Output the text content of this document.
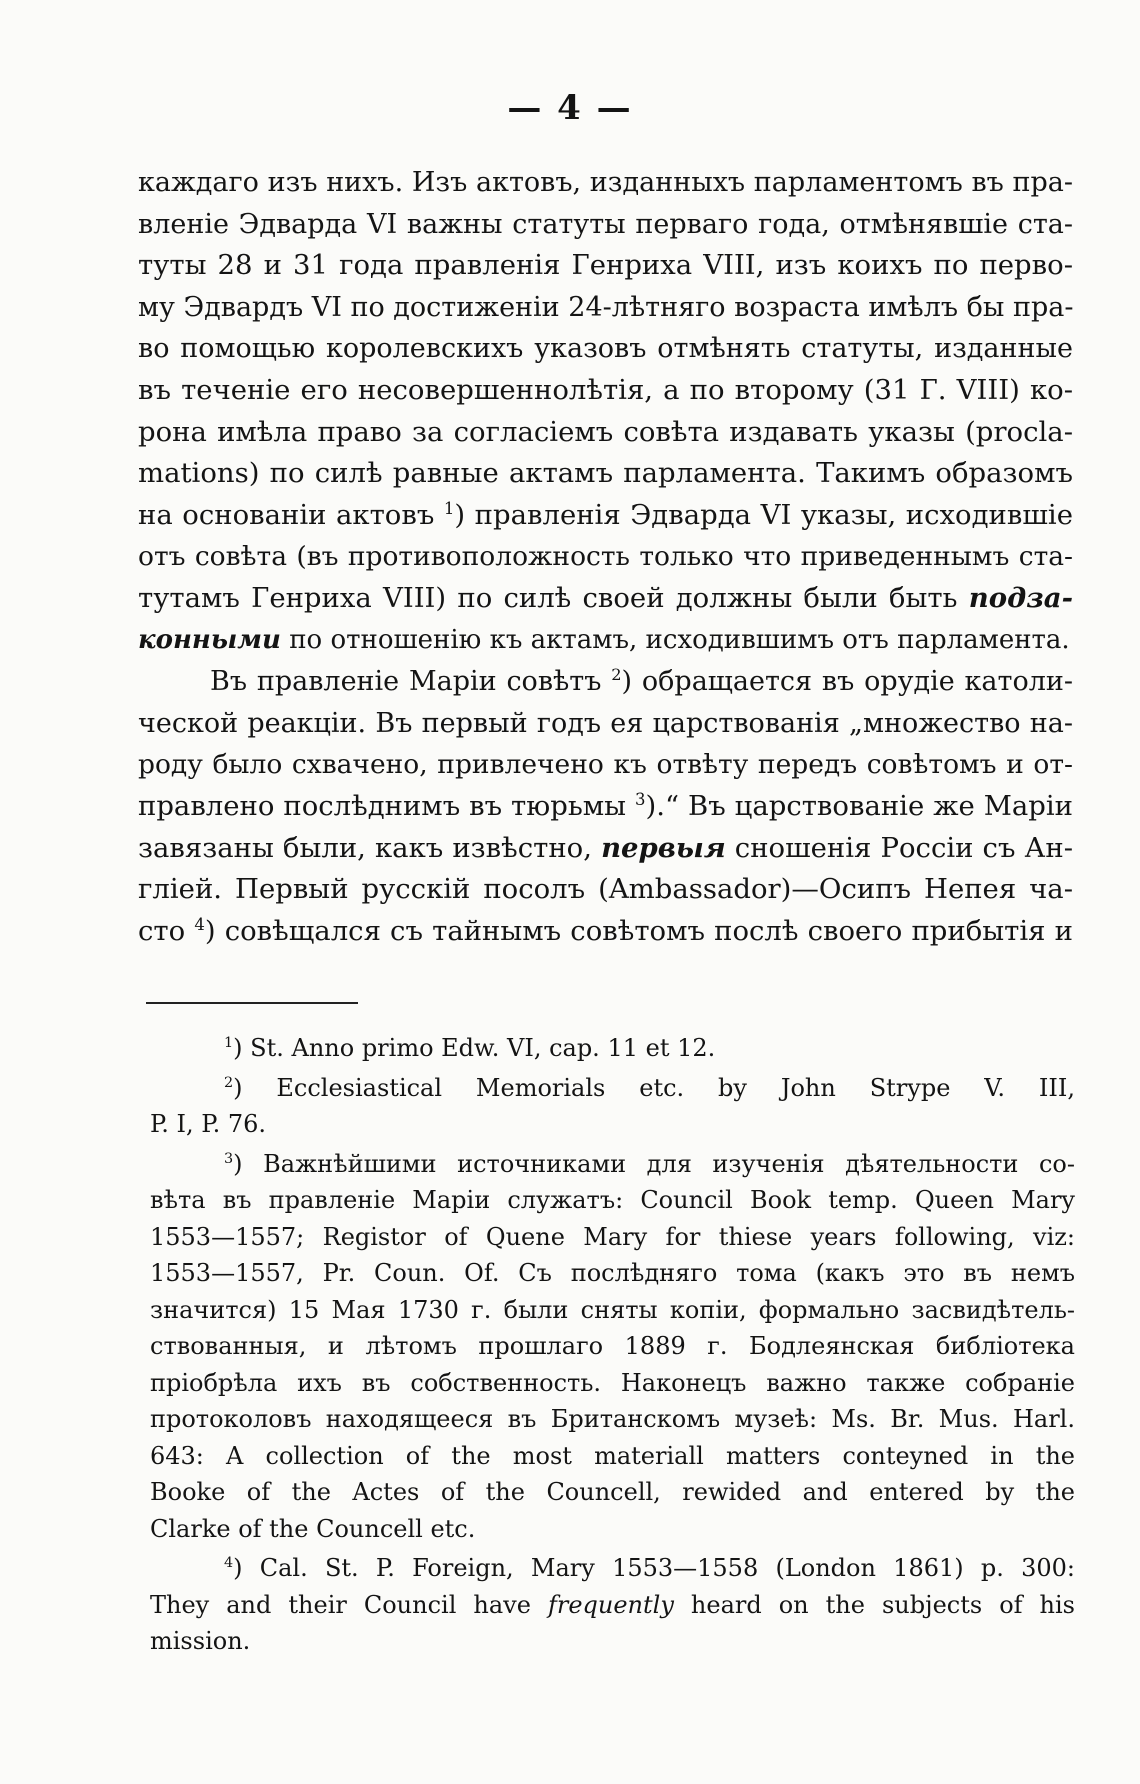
— 4 —
каждаго изъ нихъ. Изъ актовъ, изданныхъ парламентомъ въ пра-
вленіе Эдварда VI важны статуты перваго года, отмѣнявшіе ста-
туты 28 и 31 года правленія Генриха VIII, изъ коихъ по перво-
му Эдвардъ VI по достиженіи 24-лѣтняго возраста имѣлъ бы пра-
во помощью королевскихъ указовъ отмѣнять статуты, изданные
въ теченіе его несовершеннолѣтія, а по второму (31 Г. VIII) ко-
рона имѣла право за согласіемъ совѣта издавать указы (procla-
mations) по силѣ равные актамъ парламента. Такимъ образомъ
на основаніи актовъ $^1$) правленія Эдварда VI указы, исходившіе
отъ совѣта (въ противоположность только что приведеннымъ ста-
тутамъ Генриха VIII) по силѣ своей должны были быть подза-
конными по отношенію къ актамъ, исходившимъ отъ парламента.
Въ правленіе Маріи совѣтъ $^2$) обращается въ орудіе католи-
ческой реакціи. Въ первый годъ ея царствованія „множество на-
роду было схвачено, привлечено къ отвѣту передъ совѣтомъ и от-
правлено послѣднимъ въ тюрьмы $^3$).“ Въ царствованіе же Маріи
завязаны были, какъ извѣстно, первыя сношенія Россіи съ Ан-
гліей. Первый русскій посолъ (Ambassador)—Осипъ Непея ча-
сто $^4$) совѣщался съ тайнымъ совѣтомъ послѣ своего прибытія и
$^1$) St. Anno primo Edw. VI, cap. 11 et 12.
$^2$) Ecclesiastical Memorials etc. by John Strype V. III,
P. I, P. 76.
$^3$) Важнѣйшими источниками для изученія дѣятельности со-
вѣта въ правленіе Маріи служатъ: Council Book temp. Queen Mary
1553—1557; Registor of Quene Mary for thiese years following, viz:
1553—1557, Pr. Coun. Of. Съ послѣдняго тома (какъ это въ немъ
значится) 15 Мая 1730 г. были сняты копіи, формально засвидѣтель-
ствованныя, и лѣтомъ прошлаго 1889 г. Бодлеянская библіотека
пріобрѣла ихъ въ собственность. Наконецъ важно также собраніе
протоколовъ находящееся въ Британскомъ музеѣ: Ms. Br. Mus. Harl.
643: A collection of the most materiall matters conteyned in the
Booke of the Actes of the Councell, rewided and entered by the
Clarke of the Councell etc.
$^4$) Cal. St. P. Foreign, Mary 1553—1558 (London 1861) p. 300:
They and their Council have frequently heard on the subjects of his
mission.
